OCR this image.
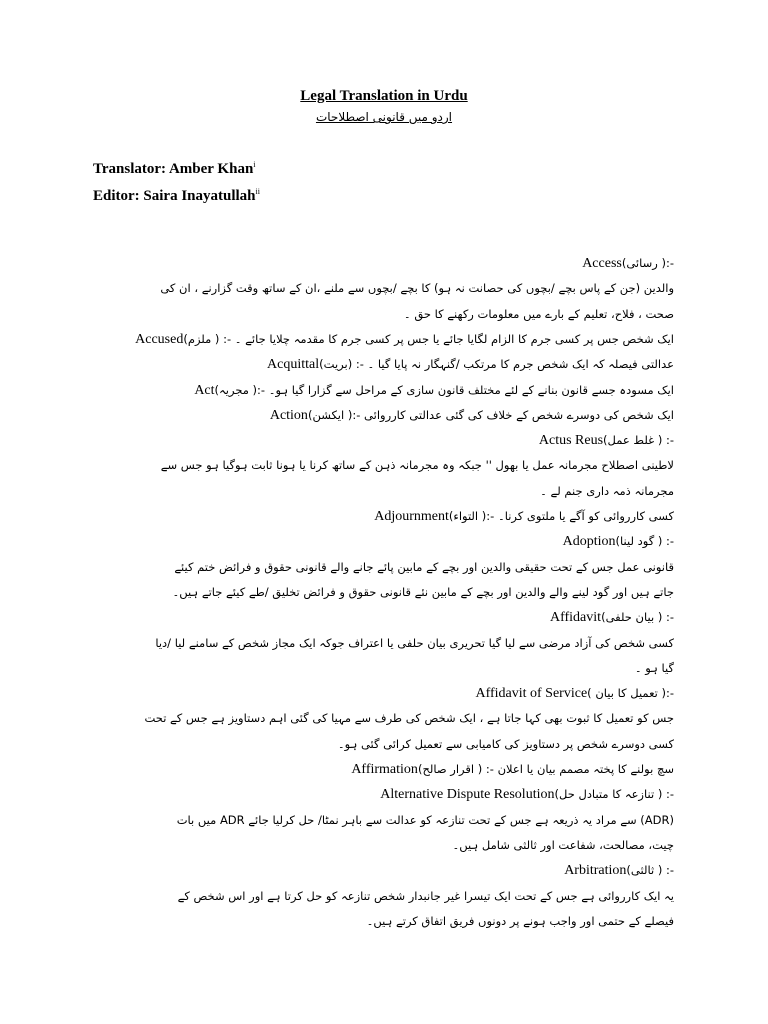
Legal Translation in Urdu
اردو میں قانونی اصطلاحات
Translator: Amber Khan$^i$
Editor: Saira Inayatullah$^{ii}$
Access(رسائی ):-
والدین (جن کے پاس بچے /بچوں کی حصانت نہ ہو) کا بچے /بچوں سے ملنے ،ان کے ساتھ وقت گزارنے ، ان کی
صحت ، فلاح، تعلیم کے بارے میں معلومات رکھنے کا حق ۔
Accused(ملزم ) :- ایک شخص جس پر کسی جرم کا الزام لگایا جائے یا جس پر کسی جرم کا مقدمہ چلایا جائے ۔
Acquittal(بریت) :- عدالتی فیصلہ کہ ایک شخص جرم کا مرتکب /گنہگار نہ پایا گیا ۔
Act(مجریہ ):- ایک مسودہ جسے قانون بنانے کے لئے مختلف قانون سازی کے مراحل سے گزارا گیا ہو۔
Action(ایکشن ):- ایک شخص کی دوسرے شخص کے خلاف کی گئی عدالتی کارروائی
Actus Reus(غلط عمل ) :-
لاطینی اصطلاح مجرمانہ عمل یا بھول '' جبکہ وہ مجرمانہ ذہن کے ساتھ کرنا یا ہونا ثابت ہوگیا ہو جس سے
مجرمانہ ذمہ داری جنم لے ۔
Adjournment(التواء ):- کسی کارروائی کو آگے یا ملتوی کرنا۔
Adoption(گود لینا ) :-
قانونی عمل جس کے تحت حقیقی والدین اور بچے کے مابین پائے جانے والے قانونی حقوق و فرائض ختم کیئے
جاتے ہیں اور گود لینے والے والدین اور بچے کے مابین نئے قانونی حقوق و فرائض تخلیق /طے کیئے جاتے ہیں۔
Affidavit(بیان حلفی ) :-
کسی شخص کی آزاد مرضی سے لیا گیا تحریری بیان حلفی یا اعتراف جوکہ ایک مجاز شخص کے سامنے لیا /دیا
گیا ہو ۔
Affidavit of Service( تعمیل کا بیان ):-
جس کو تعمیل کا ثبوت بھی کہا جاتا ہے ، ایک شخص کی طرف سے مہیا کی گئی اہم دستاویز ہے جس کے تحت
کسی دوسرے شخص پر دستاویز کی کامیابی سے تعمیل کرائی گئی ہو۔
Affirmation(اقرار صالح ) :- سچ بولنے کا پختہ مصمم بیان یا اعلان
Alternative Dispute Resolution(تنازعہ کا متبادل حل ) :-
(ADR) سے مراد یہ ذریعہ ہے جس کے تحت تنازعہ کو عدالت سے باہر نمٹا/ حل کرلیا جائے ADR میں بات
چیت، مصالحت، شفاعت اور ثالثی شامل ہیں۔
Arbitration(ثالثی ) :-
یہ ایک کارروائی ہے جس کے تحت ایک تیسرا غیر جانبدار شخص تنازعہ کو حل کرتا ہے اور اس شخص کے
فیصلے کے حتمی اور واجب ہونے پر دونوں فریق اتفاق کرتے ہیں۔
